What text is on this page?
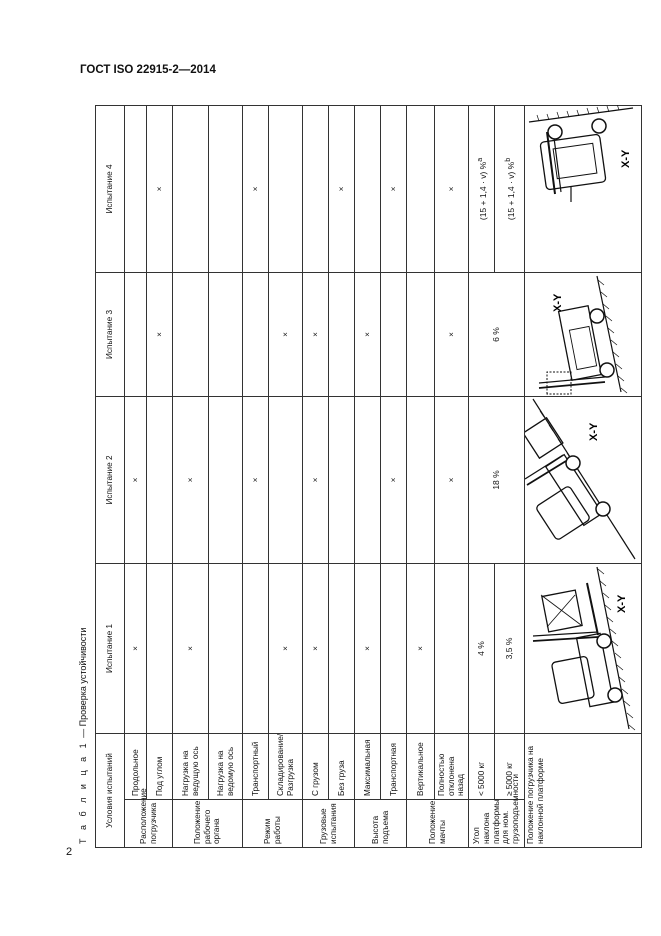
ГОСТ ISO 22915-2—2014
2
Т а б л и ц а 1 — Проверка устойчивости
Условия испытаний		Испытание 1	Испытание 2	Испытание 3	Испытание 4
Расположение погрузчика	Продольное	×	×		
	Под углом			×	×
Положение рабочего органа	Нагрузка на ведущую ось	×	×		
	Нагрузка на ведомую ось				
Режим работы	Транспортный		×		×
	Складирование/ Разгрузка	×		×	
Грузовые испытания	С грузом	×	×	×	
	Без груза				×
Высота подъема	Максимальная	×		×	
	Транспортная		×		×
Положение мачты	Вертикальное	×			
	Полностью отклонена назад		×	×	×
Угол наклона платформы для ном. грузоподъемности	< 5000 кг	4 %	18 %	6 %	(15 + 1,4 · v) %$^a$
	≥ 5000 кг	3,5 %			(15 + 1,4 · v) %$^b$
Положение погрузчика на наклонной платформе		X-Y	X-Y	X-Y	X-Y
